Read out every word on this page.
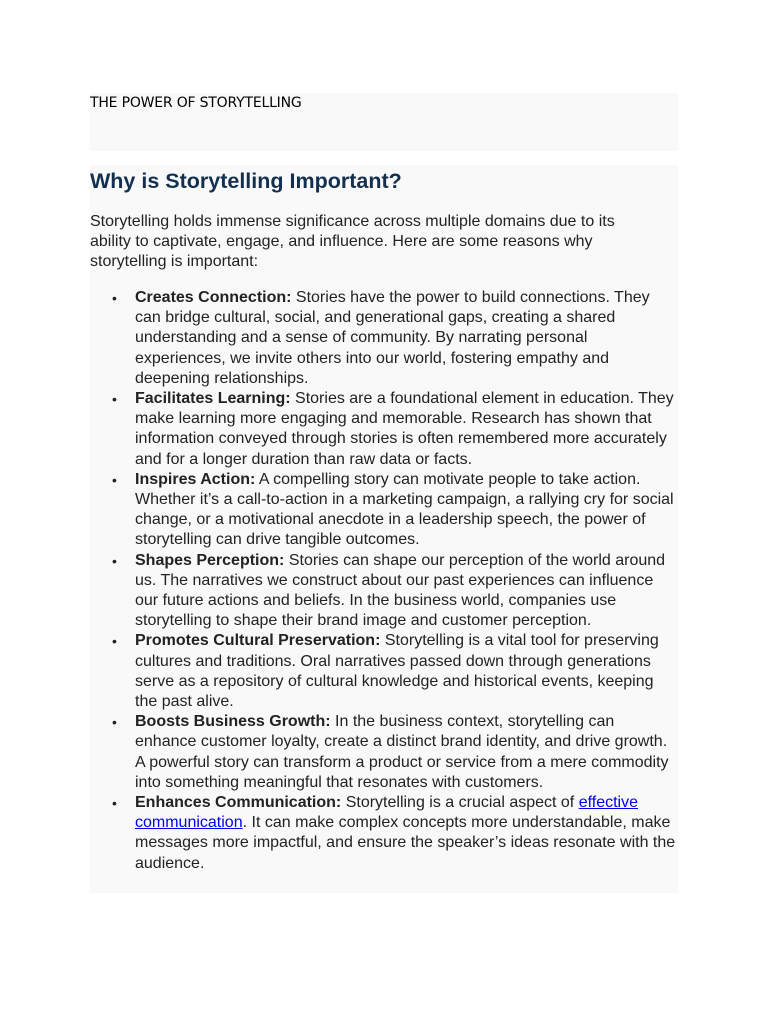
THE POWER OF STORYTELLING
Why is Storytelling Important?

Storytelling holds immense significance across multiple domains due to its ability to captivate, engage, and influence. Here are some reasons why storytelling is important:

• Creates Connection: Stories have the power to build connections. They can bridge cultural, social, and generational gaps, creating a shared understanding and a sense of community. By narrating personal experiences, we invite others into our world, fostering empathy and deepening relationships.
• Facilitates Learning: Stories are a foundational element in education. They make learning more engaging and memorable. Research has shown that information conveyed through stories is often remembered more accurately and for a longer duration than raw data or facts.
• Inspires Action: A compelling story can motivate people to take action. Whether it’s a call-to-action in a marketing campaign, a rallying cry for social change, or a motivational anecdote in a leadership speech, the power of storytelling can drive tangible outcomes.
• Shapes Perception: Stories can shape our perception of the world around us. The narratives we construct about our past experiences can influence our future actions and beliefs. In the business world, companies use storytelling to shape their brand image and customer perception.
• Promotes Cultural Preservation: Storytelling is a vital tool for preserving cultures and traditions. Oral narratives passed down through generations serve as a repository of cultural knowledge and historical events, keeping the past alive.
• Boosts Business Growth: In the business context, storytelling can enhance customer loyalty, create a distinct brand identity, and drive growth. A powerful story can transform a product or service from a mere commodity into something meaningful that resonates with customers.
• Enhances Communication: Storytelling is a crucial aspect of effective communication. It can make complex concepts more understandable, make messages more impactful, and ensure the speaker’s ideas resonate with the audience.
